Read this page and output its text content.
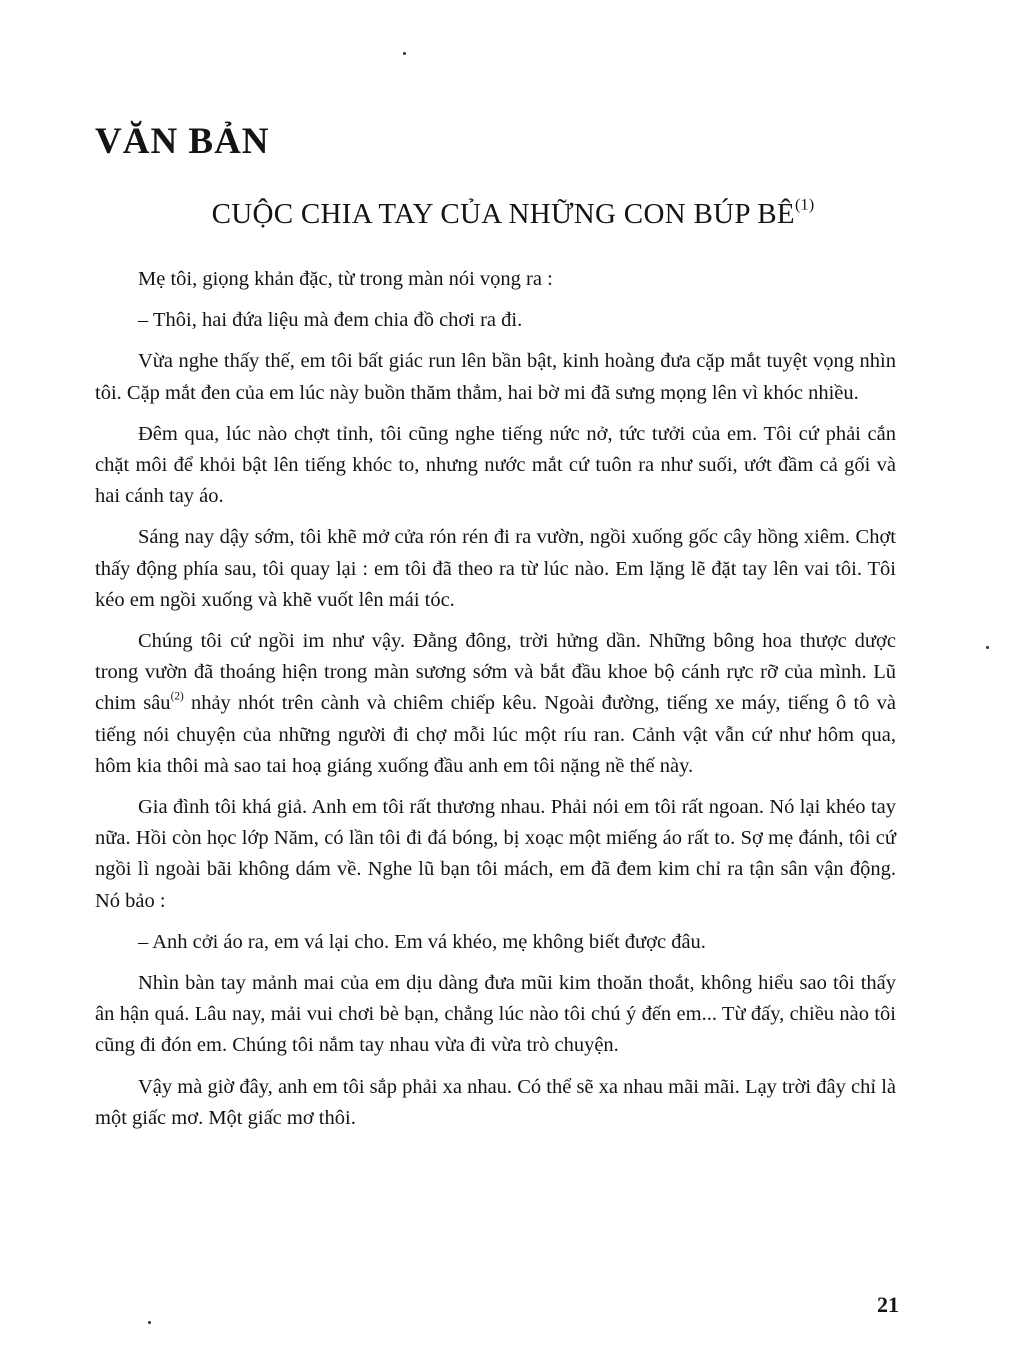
VĂN BẢN
CUỘC CHIA TAY CỦA NHỮNG CON BÚP BÊ$^{(1)}$

Mẹ tôi, giọng khản đặc, từ trong màn nói vọng ra :

– Thôi, hai đứa liệu mà đem chia đồ chơi ra đi.

Vừa nghe thấy thế, em tôi bất giác run lên bần bật, kinh hoàng đưa cặp mắt tuyệt vọng nhìn tôi. Cặp mắt đen của em lúc này buồn thăm thẳm, hai bờ mi đã sưng mọng lên vì khóc nhiều.

Đêm qua, lúc nào chợt tỉnh, tôi cũng nghe tiếng nức nở, tức tưởi của em. Tôi cứ phải cắn chặt môi để khỏi bật lên tiếng khóc to, nhưng nước mắt cứ tuôn ra như suối, ướt đầm cả gối và hai cánh tay áo.

Sáng nay dậy sớm, tôi khẽ mở cửa rón rén đi ra vườn, ngồi xuống gốc cây hồng xiêm. Chợt thấy động phía sau, tôi quay lại : em tôi đã theo ra từ lúc nào. Em lặng lẽ đặt tay lên vai tôi. Tôi kéo em ngồi xuống và khẽ vuốt lên mái tóc.

Chúng tôi cứ ngồi im như vậy. Đằng đông, trời hửng dần. Những bông hoa thược dược trong vườn đã thoáng hiện trong màn sương sớm và bắt đầu khoe bộ cánh rực rỡ của mình. Lũ chim sâu$^{(2)}$ nhảy nhót trên cành và chiêm chiếp kêu. Ngoài đường, tiếng xe máy, tiếng ô tô và tiếng nói chuyện của những người đi chợ mỗi lúc một ríu ran. Cảnh vật vẫn cứ như hôm qua, hôm kia thôi mà sao tai hoạ giáng xuống đầu anh em tôi nặng nề thế này.

Gia đình tôi khá giả. Anh em tôi rất thương nhau. Phải nói em tôi rất ngoan. Nó lại khéo tay nữa. Hồi còn học lớp Năm, có lần tôi đi đá bóng, bị xoạc một miếng áo rất to. Sợ mẹ đánh, tôi cứ ngồi lì ngoài bãi không dám về. Nghe lũ bạn tôi mách, em đã đem kim chỉ ra tận sân vận động. Nó bảo :

– Anh cởi áo ra, em vá lại cho. Em vá khéo, mẹ không biết được đâu.

Nhìn bàn tay mảnh mai của em dịu dàng đưa mũi kim thoăn thoắt, không hiểu sao tôi thấy ân hận quá. Lâu nay, mải vui chơi bè bạn, chẳng lúc nào tôi chú ý đến em... Từ đấy, chiều nào tôi cũng đi đón em. Chúng tôi nắm tay nhau vừa đi vừa trò chuyện.

Vậy mà giờ đây, anh em tôi sắp phải xa nhau. Có thể sẽ xa nhau mãi mãi. Lạy trời đây chỉ là một giấc mơ. Một giấc mơ thôi.

21
